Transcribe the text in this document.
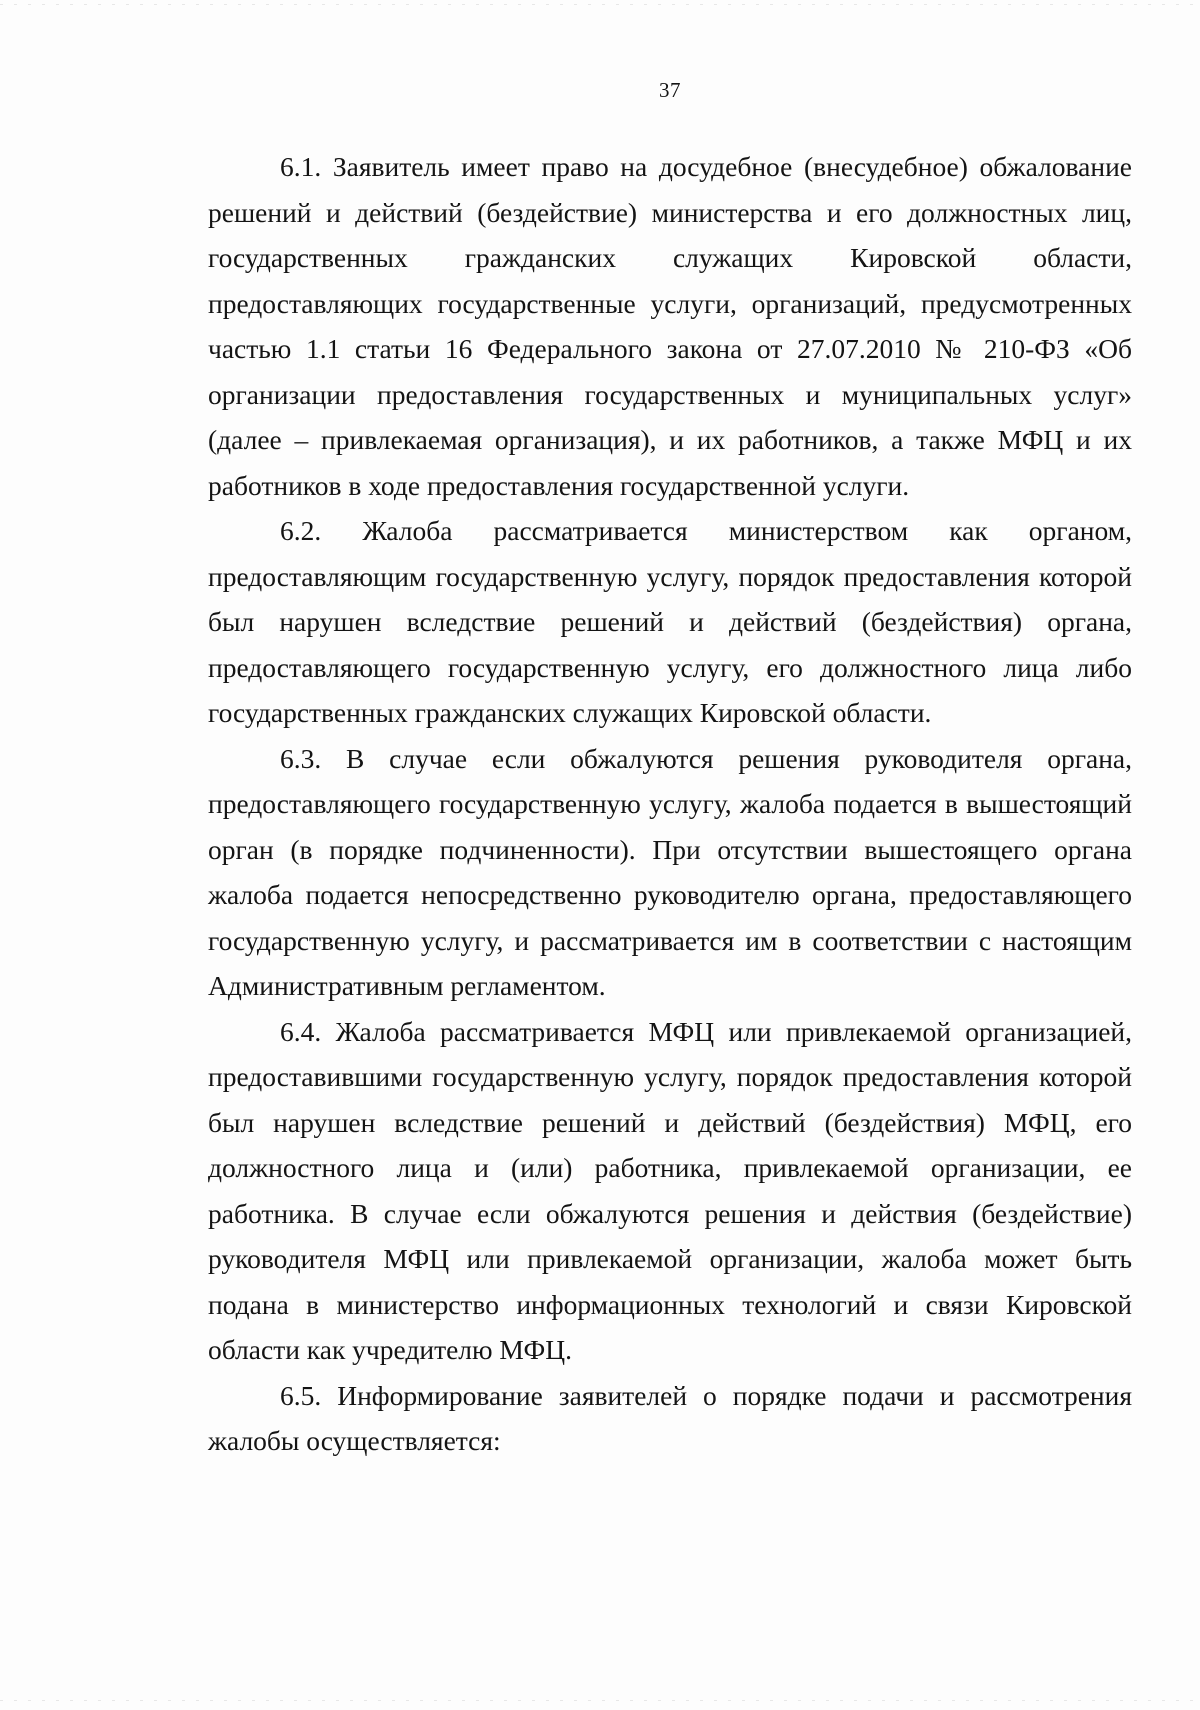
37

6.1. Заявитель имеет право на досудебное (внесудебное) обжалование решений и действий (бездействие) министерства и его должностных лиц, государственных гражданских служащих Кировской области, предоставляющих государственные услуги, организаций, предусмотренных частью 1.1 статьи 16 Федерального закона от 27.07.2010 № 210-ФЗ «Об организации предоставления государственных и муниципальных услуг» (далее – привлекаемая организация), и их работников, а также МФЦ и их работников в ходе предоставления государственной услуги.

6.2. Жалоба рассматривается министерством как органом, предоставляющим государственную услугу, порядок предоставления которой был нарушен вследствие решений и действий (бездействия) органа, предоставляющего государственную услугу, его должностного лица либо государственных гражданских служащих Кировской области.

6.3. В случае если обжалуются решения руководителя органа, предоставляющего государственную услугу, жалоба подается в вышестоящий орган (в порядке подчиненности). При отсутствии вышестоящего органа жалоба подается непосредственно руководителю органа, предоставляющего государственную услугу, и рассматривается им в соответствии с настоящим Административным регламентом.

6.4. Жалоба рассматривается МФЦ или привлекаемой организацией, предоставившими государственную услугу, порядок предоставления которой был нарушен вследствие решений и действий (бездействия) МФЦ, его должностного лица и (или) работника, привлекаемой организации, ее работника. В случае если обжалуются решения и действия (бездействие) руководителя МФЦ или привлекаемой организации, жалоба может быть подана в министерство информационных технологий и связи Кировской области как учредителю МФЦ.

6.5. Информирование заявителей о порядке подачи и рассмотрения жалобы осуществляется:
